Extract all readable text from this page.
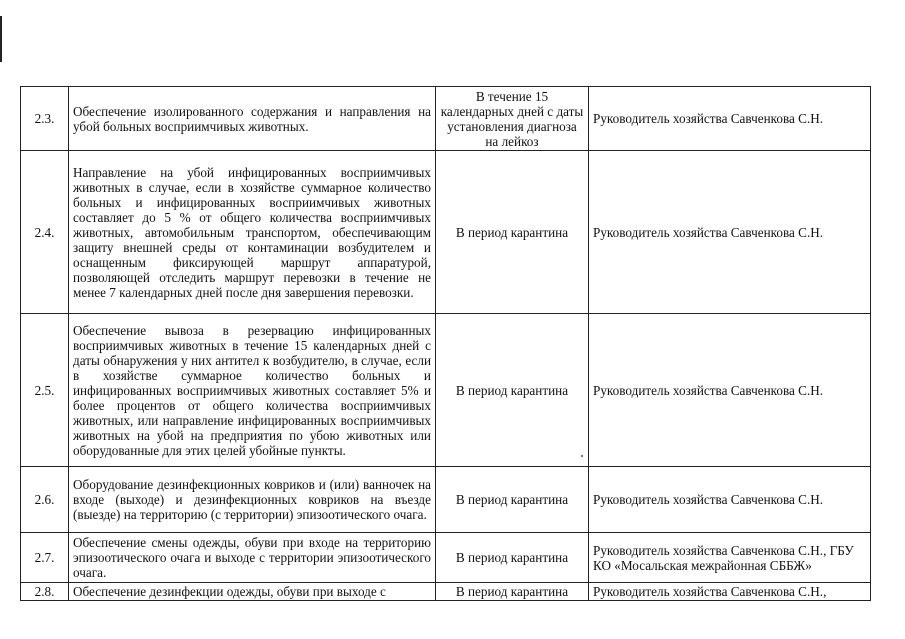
2.3.	Обеспечение изолированного содержания и направления на убой больных восприимчивых животных.	В течение 15 календарных дней с даты установления диагноза на лейкоз	Руководитель хозяйства Савченкова С.Н.
2.4.	Направление на убой инфицированных восприимчивых животных в случае, если в хозяйстве суммарное количество больных и инфицированных восприимчивых животных составляет до 5 % от общего количества восприимчивых животных, автомобильным транспортом, обеспечивающим защиту внешней среды от контаминации возбудителем и оснащенным фиксирующей маршрут аппаратурой, позволяющей отследить маршрут перевозки в течение не менее 7 календарных дней после дня завершения перевозки.	В период карантина	Руководитель хозяйства Савченкова С.Н.
2.5.	Обеспечение вывоза в резервацию инфицированных восприимчивых животных в течение 15 календарных дней с даты обнаружения у них антител к возбудителю, в случае, если в хозяйстве суммарное количество больных и инфицированных восприимчивых животных составляет 5% и более процентов от общего количества восприимчивых животных, или направление инфицированных восприимчивых животных на убой на предприятия по убою животных или оборудованные для этих целей убойные пункты.	В период карантина	Руководитель хозяйства Савченкова С.Н.
2.6.	Оборудование дезинфекционных ковриков и (или) ванночек на входе (выходе) и дезинфекционных ковриков на въезде (выезде) на территорию (с территории) эпизоотического очага.	В период карантина	Руководитель хозяйства Савченкова С.Н.
2.7.	Обеспечение смены одежды, обуви при входе на территорию эпизоотического очага и выходе с территории эпизоотического очага.	В период карантина	Руководитель хозяйства Савченкова С.Н., ГБУ КО «Мосальская межрайонная СББЖ»
2.8.	Обеспечение дезинфекции одежды, обуви при выходе с	В период карантина	Руководитель хозяйства Савченкова С.Н.,
